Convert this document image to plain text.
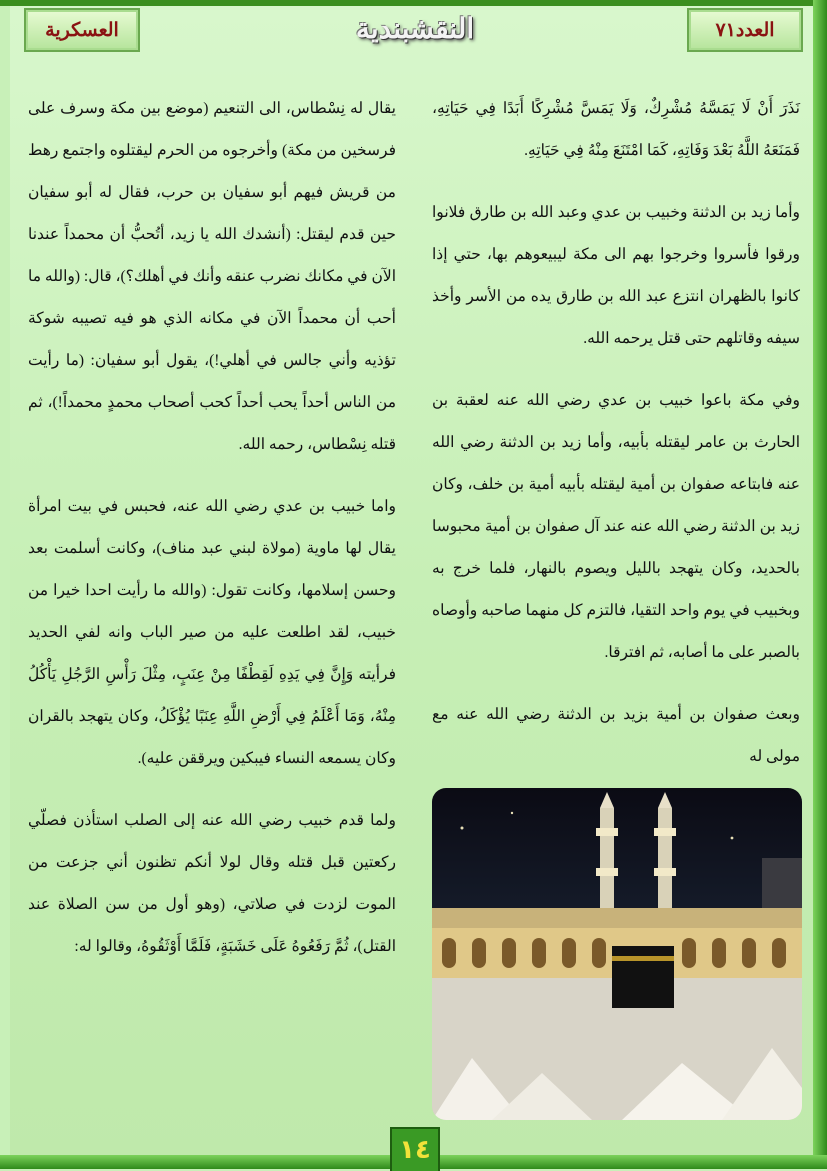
العسكرية	النقشبندية	العدد٧١

نَذَرَ أَنْ لَا يَمَسَّهُ مُشْرِكٌ، وَلَا يَمَسَّ مُشْرِكًا أَبَدًا فِي حَيَاتِهِ، فَمَنَعَهُ اللَّهُ بَعْدَ وَفَاتِهِ، كَمَا امْتَنَعَ مِنْهُ فِي حَيَاتِهِ.

وأما زيد بن الدثنة وخبيب بن عدي وعبد الله بن طارق فلانوا ورقوا فأسروا وخرجوا بهم الى مكة ليبيعوهم بها، حتي إذا كانوا بالظهران انتزع عبد الله بن طارق يده من الأسر وأخذ سيفه وقاتلهم حتى قتل يرحمه الله.

وفي مكة باعوا خبيب بن عدي رضي الله عنه لعقبة بن الحارث بن عامر ليقتله بأبيه، وأما زيد بن الدثنة رضي الله عنه فابتاعه صفوان بن أمية ليقتله بأبيه أمية بن خلف، وكان زيد بن الدثنة رضي الله عنه عند آل صفوان بن أمية محبوسا بالحديد، وكان يتهجد بالليل ويصوم بالنهار، فلما خرج به وبخبيب في يوم واحد التقيا، فالتزم كل منهما صاحبه وأوصاه بالصبر على ما أصابه، ثم افترقا.

وبعث صفوان بن أمية بزيد بن الدثنة رضي الله عنه مع مولى له

يقال له نِسْطاس، الى التنعيم (موضع بين مكة وسرف على فرسخين من مكة) وأخرجوه من الحرم ليقتلوه واجتمع رهط من قريش فيهم أبو سفيان بن حرب، فقال له أبو سفيان حين قدم ليقتل: (أنشدك الله يا زيد، أتُحبُّ أن محمداً عندنا الآن في مكانك نضرب عنقه وأنك في أهلك؟)، قال: (والله ما أحب أن محمداً الآن في مكانه الذي هو فيه تصيبه شوكة تؤذيه وأني جالس في أهلي!)، يقول أبو سفيان: (ما رأيت من الناس أحداً يحب أحداً كحب أصحاب محمدٍ محمداً!)، ثم قتله نِسْطاس، رحمه الله.

واما خبيب بن عدي رضي الله عنه، فحبس في بيت امرأة يقال لها ماوية (مولاة لبني عبد مناف)، وكانت أسلمت بعد وحسن إسلامها، وكانت تقول: (والله ما رأيت احدا خيرا من خبيب، لقد اطلعت عليه من صير الباب وانه لفي الحديد فرأيته وَإِنَّ فِي يَدِهِ لَقِطْفًا مِنْ عِنَبٍ، مِثْلَ رَأْسِ الرَّجُلِ يَأْكُلُ مِنْهُ، وَمَا أَعْلَمُ فِي أَرْضِ اللَّهِ عِنَبًا يُؤْكَلُ، وكان يتهجد بالقران وكان يسمعه النساء فيبكين ويرققن عليه).

ولما قدم خبيب رضي الله عنه إلى الصلب استأذن فصلّي ركعتين قبل قتله وقال لولا أنكم تظنون أني جزعت من الموت لزدت في صلاتي، (وهو أول من سن الصلاة عند القتل)، ثُمَّ رَفَعُوهُ عَلَى خَشَبَةٍ، فَلَمَّا أَوْثَقُوهُ، وقالوا له:

١٤
